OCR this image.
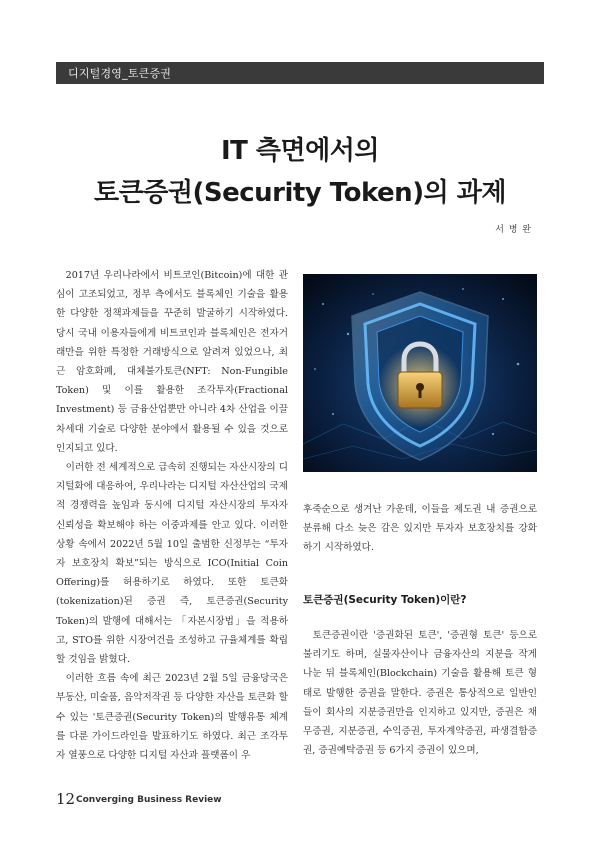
디지털경영_토큰증권
IT 측면에서의
토큰증권(Security Token)의 과제
서 병 완

2017년 우리나라에서 비트코인(Bitcoin)에 대한 관심이 고조되었고, 정부 측에서도 블록체인 기술을 활용한 다양한 정책과제들을 꾸준히 발굴하기 시작하였다. 당시 국내 이용자들에게 비트코인과 블록체인은 전자거래만을 위한 특정한 거래방식으로 알려져 있었으나, 최근 암호화폐, 대체불가토큰(NFT: Non-Fungible Token) 및 이를 활용한 조각투자(Fractional Investment) 등 금융산업뿐만 아니라 4차 산업을 이끌 차세대 기술로 다양한 분야에서 활용될 수 있을 것으로 인지되고 있다.

이러한 전 세계적으로 급속히 진행되는 자산시장의 디지털화에 대응하여, 우리나라는 디지털 자산산업의 국제적 경쟁력을 높임과 동시에 디지털 자산시장의 투자자 신뢰성을 확보해야 하는 이중과제를 안고 있다. 이러한 상황 속에서 2022년 5월 10일 출범한 신정부는 “투자자 보호장치 확보”되는 방식으로 ICO(Initial Coin Offering)를 허용하기로 하였다. 또한 토큰화(tokenization)된 증권 즉, 토큰증권(Security Token)의 발행에 대해서는 「자본시장법」을 적용하고, STO를 위한 시장여건을 조성하고 규율체계를 확립할 것임을 밝혔다.

이러한 흐름 속에 최근 2023년 2월 5일 금융당국은 부동산, 미술품, 음악저작권 등 다양한 자산을 토큰화 할 수 있는 '토큰증권(Security Token)의 발행유통 체계를 다룬 가이드라인을 발표하기도 하였다. 최근 조각투자 열풍으로 다양한 디지털 자산과 플랫폼이 우

후죽순으로 생겨난 가운데, 이들을 제도권 내 증권으로 분류해 다소 늦은 감은 있지만 투자자 보호장치를 강화하기 시작하였다.

토큰증권(Security Token)이란?

토큰증권이란 '증권화된 토큰', '증권형 토큰' 등으로 불리기도 하며, 실물자산이나 금융자산의 지분을 작게 나눈 뒤 블록체인(Blockchain) 기술을 활용해 토큰 형태로 발행한 증권을 말한다. 증권은 통상적으로 일반인들이 회사의 지분증권만을 인지하고 있지만, 증권은 채무증권, 지분증권, 수익증권, 투자계약증권, 파생결합증권, 증권예탁증권 등 6가지 증권이 있으며,

12 Converging Business Review
